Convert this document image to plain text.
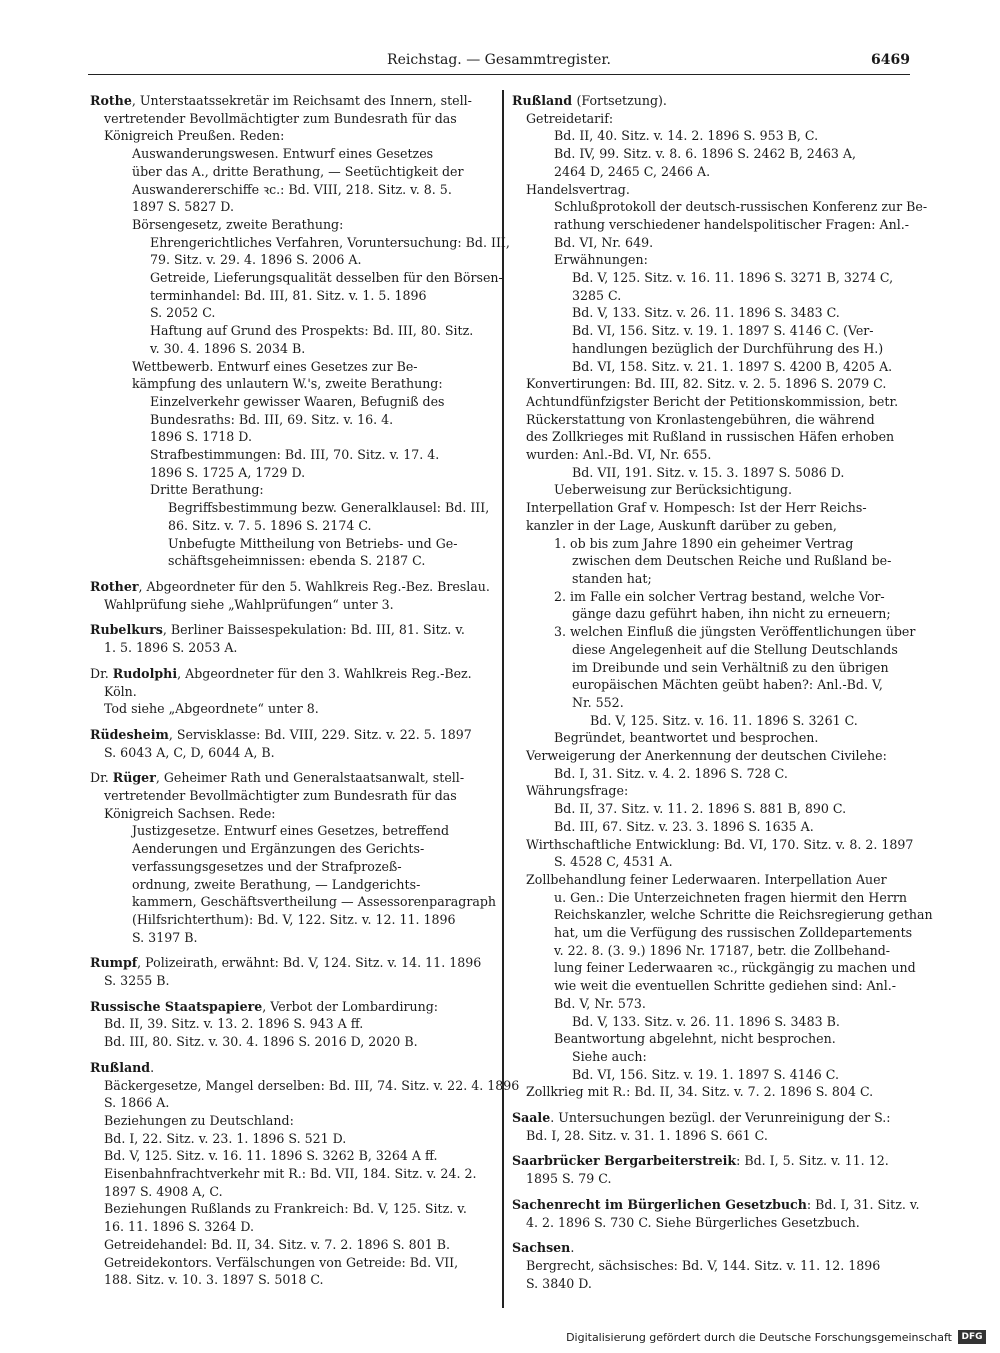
Reichstag. — Gesammtregister.	6469
Rothe, Unterstaatssekretär im Reichsamt des Innern, stell-
vertretender Bevollmächtigter zum Bundesrath für das
Königreich Preußen. Reden:
Auswanderungswesen. Entwurf eines Gesetzes
über das A., dritte Berathung, — Seetüchtigkeit der
Auswandererschiffe ꝛc.: Bd. VIII, 218. Sitz. v. 8. 5.
1897 S. 5827 D.
Börsengesetz, zweite Berathung:
Ehrengerichtliches Verfahren, Voruntersuchung: Bd. III,
79. Sitz. v. 29. 4. 1896 S. 2006 A.
Getreide, Lieferungsqualität desselben für den Börsen-
terminhandel: Bd. III, 81. Sitz. v. 1. 5. 1896
S. 2052 C.
Haftung auf Grund des Prospekts: Bd. III, 80. Sitz.
v. 30. 4. 1896 S. 2034 B.
Wettbewerb. Entwurf eines Gesetzes zur Be-
kämpfung des unlautern W.'s, zweite Berathung:
Einzelverkehr gewisser Waaren, Befugniß des
Bundesraths: Bd. III, 69. Sitz. v. 16. 4.
1896 S. 1718 D.
Strafbestimmungen: Bd. III, 70. Sitz. v. 17. 4.
1896 S. 1725 A, 1729 D.
Dritte Berathung:
Begriffsbestimmung bezw. Generalklausel: Bd. III,
86. Sitz. v. 7. 5. 1896 S. 2174 C.
Unbefugte Mittheilung von Betriebs- und Ge-
schäftsgeheimnissen: ebenda S. 2187 C.
Rother, Abgeordneter für den 5. Wahlkreis Reg.-Bez. Breslau.
Wahlprüfung siehe „Wahlprüfungen“ unter 3.
Rubelkurs, Berliner Baissespekulation: Bd. III, 81. Sitz. v.
1. 5. 1896 S. 2053 A.
Dr. Rudolphi, Abgeordneter für den 3. Wahlkreis Reg.-Bez.
Köln.
Tod siehe „Abgeordnete“ unter 8.
Rüdesheim, Servisklasse: Bd. VIII, 229. Sitz. v. 22. 5. 1897
S. 6043 A, C, D, 6044 A, B.
Dr. Rüger, Geheimer Rath und Generalstaatsanwalt, stell-
vertretender Bevollmächtigter zum Bundesrath für das
Königreich Sachsen. Rede:
Justizgesetze. Entwurf eines Gesetzes, betreffend
Aenderungen und Ergänzungen des Gerichts-
verfassungsgesetzes und der Strafprozeß-
ordnung, zweite Berathung, — Landgerichts-
kammern, Geschäftsvertheilung — Assessorenparagraph
(Hilfsrichterthum): Bd. V, 122. Sitz. v. 12. 11. 1896
S. 3197 B.
Rumpf, Polizeirath, erwähnt: Bd. V, 124. Sitz. v. 14. 11. 1896
S. 3255 B.
Russische Staatspapiere, Verbot der Lombardirung:
Bd. II, 39. Sitz. v. 13. 2. 1896 S. 943 A ff.
Bd. III, 80. Sitz. v. 30. 4. 1896 S. 2016 D, 2020 B.
Rußland.
Bäckergesetze, Mangel derselben: Bd. III, 74. Sitz. v. 22. 4. 1896
S. 1866 A.
Beziehungen zu Deutschland:
Bd. I, 22. Sitz. v. 23. 1. 1896 S. 521 D.
Bd. V, 125. Sitz. v. 16. 11. 1896 S. 3262 B, 3264 A ff.
Eisenbahnfrachtverkehr mit R.: Bd. VII, 184. Sitz. v. 24. 2.
1897 S. 4908 A, C.
Beziehungen Rußlands zu Frankreich: Bd. V, 125. Sitz. v.
16. 11. 1896 S. 3264 D.
Getreidehandel: Bd. II, 34. Sitz. v. 7. 2. 1896 S. 801 B.
Getreidekontors. Verfälschungen von Getreide: Bd. VII,
188. Sitz. v. 10. 3. 1897 S. 5018 C.
Rußland (Fortsetzung).
Getreidetarif:
Bd. II, 40. Sitz. v. 14. 2. 1896 S. 953 B, C.
Bd. IV, 99. Sitz. v. 8. 6. 1896 S. 2462 B, 2463 A,
2464 D, 2465 C, 2466 A.
Handelsvertrag.
Schlußprotokoll der deutsch-russischen Konferenz zur Be-
rathung verschiedener handelspolitischer Fragen: Anl.-
Bd. VI, Nr. 649.
Erwähnungen:
Bd. V, 125. Sitz. v. 16. 11. 1896 S. 3271 B, 3274 C,
3285 C.
Bd. V, 133. Sitz. v. 26. 11. 1896 S. 3483 C.
Bd. VI, 156. Sitz. v. 19. 1. 1897 S. 4146 C. (Ver-
handlungen bezüglich der Durchführung des H.)
Bd. VI, 158. Sitz. v. 21. 1. 1897 S. 4200 B, 4205 A.
Konvertirungen: Bd. III, 82. Sitz. v. 2. 5. 1896 S. 2079 C.
Achtundfünfzigster Bericht der Petitionskommission, betr.
Rückerstattung von Kronlastengebühren, die während
des Zollkrieges mit Rußland in russischen Häfen erhoben
wurden: Anl.-Bd. VI, Nr. 655.
Bd. VII, 191. Sitz. v. 15. 3. 1897 S. 5086 D.
Ueberweisung zur Berücksichtigung.
Interpellation Graf v. Hompesch: Ist der Herr Reichs-
kanzler in der Lage, Auskunft darüber zu geben,
1. ob bis zum Jahre 1890 ein geheimer Vertrag
zwischen dem Deutschen Reiche und Rußland be-
standen hat;
2. im Falle ein solcher Vertrag bestand, welche Vor-
gänge dazu geführt haben, ihn nicht zu erneuern;
3. welchen Einfluß die jüngsten Veröffentlichungen über
diese Angelegenheit auf die Stellung Deutschlands
im Dreibunde und sein Verhältniß zu den übrigen
europäischen Mächten geübt haben?: Anl.-Bd. V,
Nr. 552.
Bd. V, 125. Sitz. v. 16. 11. 1896 S. 3261 C.
Begründet, beantwortet und besprochen.
Verweigerung der Anerkennung der deutschen Civilehe:
Bd. I, 31. Sitz. v. 4. 2. 1896 S. 728 C.
Währungsfrage:
Bd. II, 37. Sitz. v. 11. 2. 1896 S. 881 B, 890 C.
Bd. III, 67. Sitz. v. 23. 3. 1896 S. 1635 A.
Wirthschaftliche Entwicklung: Bd. VI, 170. Sitz. v. 8. 2. 1897
S. 4528 C, 4531 A.
Zollbehandlung feiner Lederwaaren. Interpellation Auer
u. Gen.: Die Unterzeichneten fragen hiermit den Herrn
Reichskanzler, welche Schritte die Reichsregierung gethan
hat, um die Verfügung des russischen Zolldepartements
v. 22. 8. (3. 9.) 1896 Nr. 17187, betr. die Zollbehand-
lung feiner Lederwaaren ꝛc., rückgängig zu machen und
wie weit die eventuellen Schritte gediehen sind: Anl.-
Bd. V, Nr. 573.
Bd. V, 133. Sitz. v. 26. 11. 1896 S. 3483 B.
Beantwortung abgelehnt, nicht besprochen.
Siehe auch:
Bd. VI, 156. Sitz. v. 19. 1. 1897 S. 4146 C.
Zollkrieg mit R.: Bd. II, 34. Sitz. v. 7. 2. 1896 S. 804 C.
Saale. Untersuchungen bezügl. der Verunreinigung der S.:
Bd. I, 28. Sitz. v. 31. 1. 1896 S. 661 C.
Saarbrücker Bergarbeiterstreik: Bd. I, 5. Sitz. v. 11. 12.
1895 S. 79 C.
Sachenrecht im Bürgerlichen Gesetzbuch: Bd. I, 31. Sitz. v.
4. 2. 1896 S. 730 C. Siehe Bürgerliches Gesetzbuch.
Sachsen.
Bergrecht, sächsisches: Bd. V, 144. Sitz. v. 11. 12. 1896
S. 3840 D.
Digitalisierung gefördert durch die Deutsche Forschungsgemeinschaft	DFG
